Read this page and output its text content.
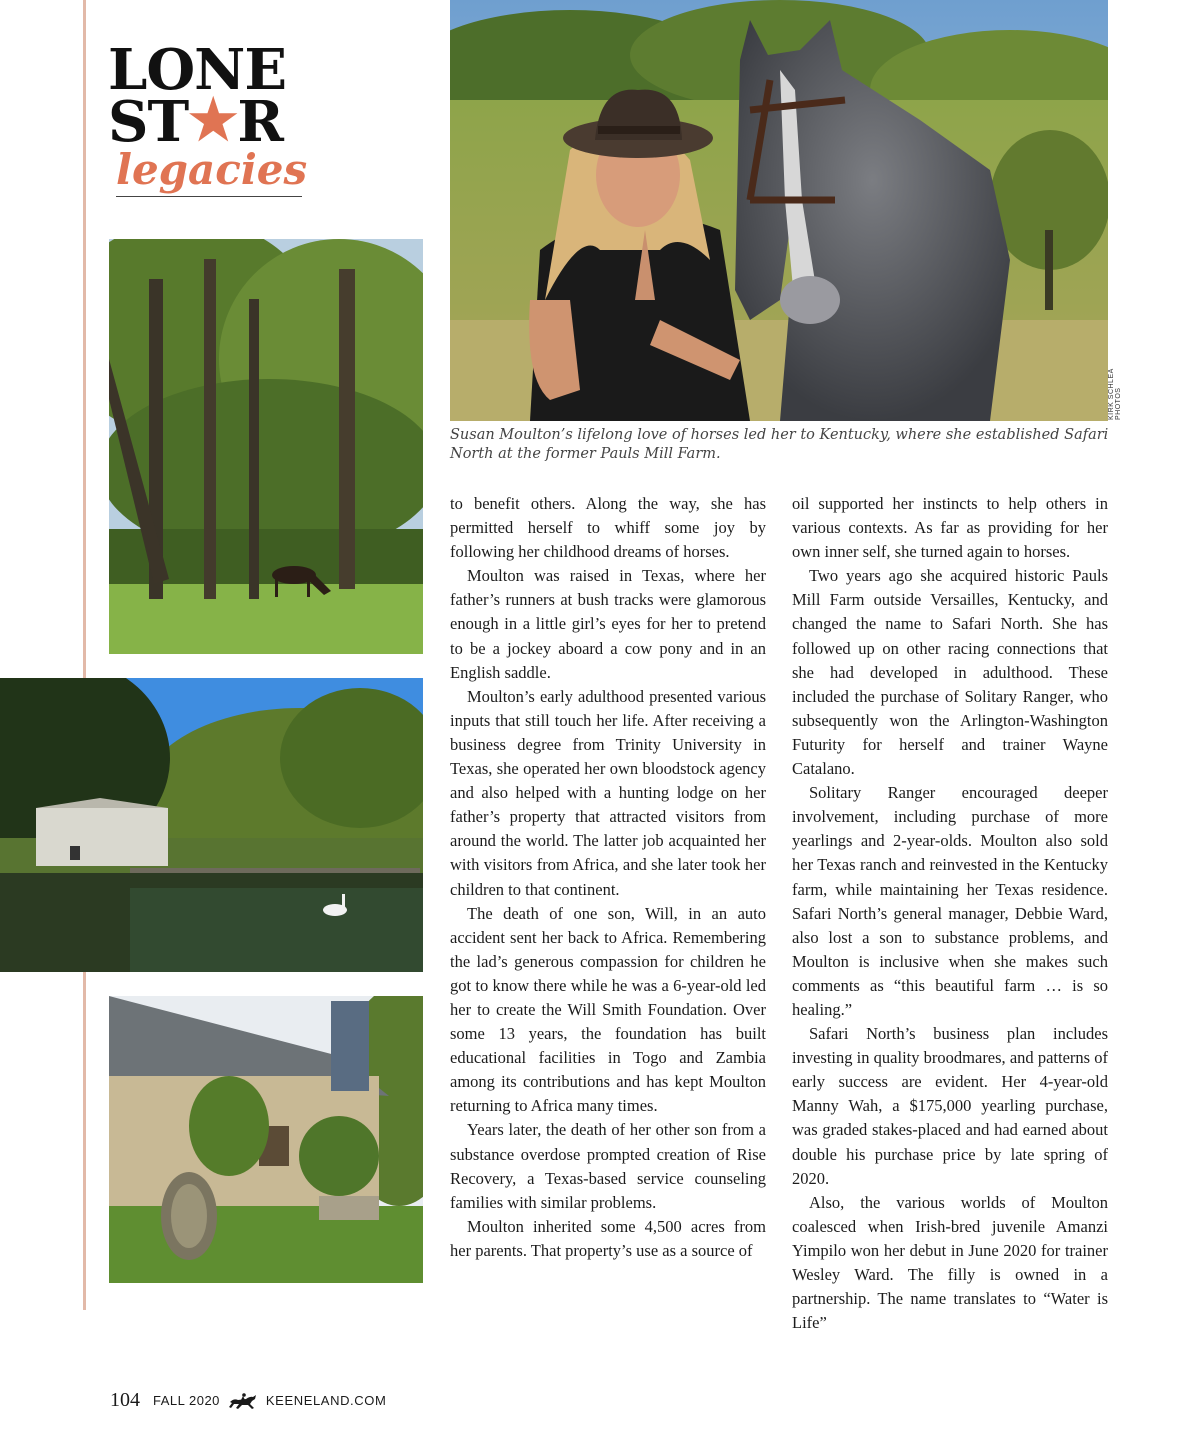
LONE
ST★R
legacies
KIRK SCHLEA PHOTOS
Susan Moulton’s lifelong love of horses led her to Kentucky, where she established Safari North at the former Pauls Mill Farm.

to benefit others. Along the way, she has permitted herself to whiff some joy by following her childhood dreams of horses.

Moulton was raised in Texas, where her father’s runners at bush tracks were glamorous enough in a little girl’s eyes for her to pretend to be a jockey aboard a cow pony and in an English saddle.

Moulton’s early adulthood presented various inputs that still touch her life. After receiving a business degree from Trinity University in Texas, she operated her own bloodstock agency and also helped with a hunting lodge on her father’s property that attracted visitors from around the world. The latter job acquainted her with visitors from Africa, and she later took her children to that continent.

The death of one son, Will, in an auto accident sent her back to Africa. Remembering the lad’s generous compassion for children he got to know there while he was a 6-year-old led her to create the Will Smith Foundation. Over some 13 years, the foundation has built educational facilities in Togo and Zambia among its contributions and has kept Moulton returning to Africa many times.

Years later, the death of her other son from a substance overdose prompted creation of Rise Recovery, a Texas-based service counseling families with similar problems.

Moulton inherited some 4,500 acres from her parents. That property’s use as a source of

oil supported her instincts to help others in various contexts. As far as providing for her own inner self, she turned again to horses.

Two years ago she acquired historic Pauls Mill Farm outside Versailles, Kentucky, and changed the name to Safari North. She has followed up on other racing connections that she had developed in adulthood. These included the purchase of Solitary Ranger, who subsequently won the Arlington-Washington Futurity for herself and trainer Wayne Catalano.

Solitary Ranger encouraged deeper involvement, including purchase of more yearlings and 2-year-olds. Moulton also sold her Texas ranch and reinvested in the Kentucky farm, while maintaining her Texas residence. Safari North’s general manager, Debbie Ward, also lost a son to substance problems, and Moulton is inclusive when she makes such comments as “this beautiful farm … is so healing.”

Safari North’s business plan includes investing in quality broodmares, and patterns of early success are evident. Her 4-year-old Manny Wah, a $175,000 yearling purchase, was graded stakes-placed and had earned about double his purchase price by late spring of 2020.

Also, the various worlds of Moulton coalesced when Irish-bred juvenile Amanzi Yimpilo won her debut in June 2020 for trainer Wesley Ward. The filly is owned in a partnership. The name translates to “Water is Life”

104 FALL 2020	KEENELAND.COM
